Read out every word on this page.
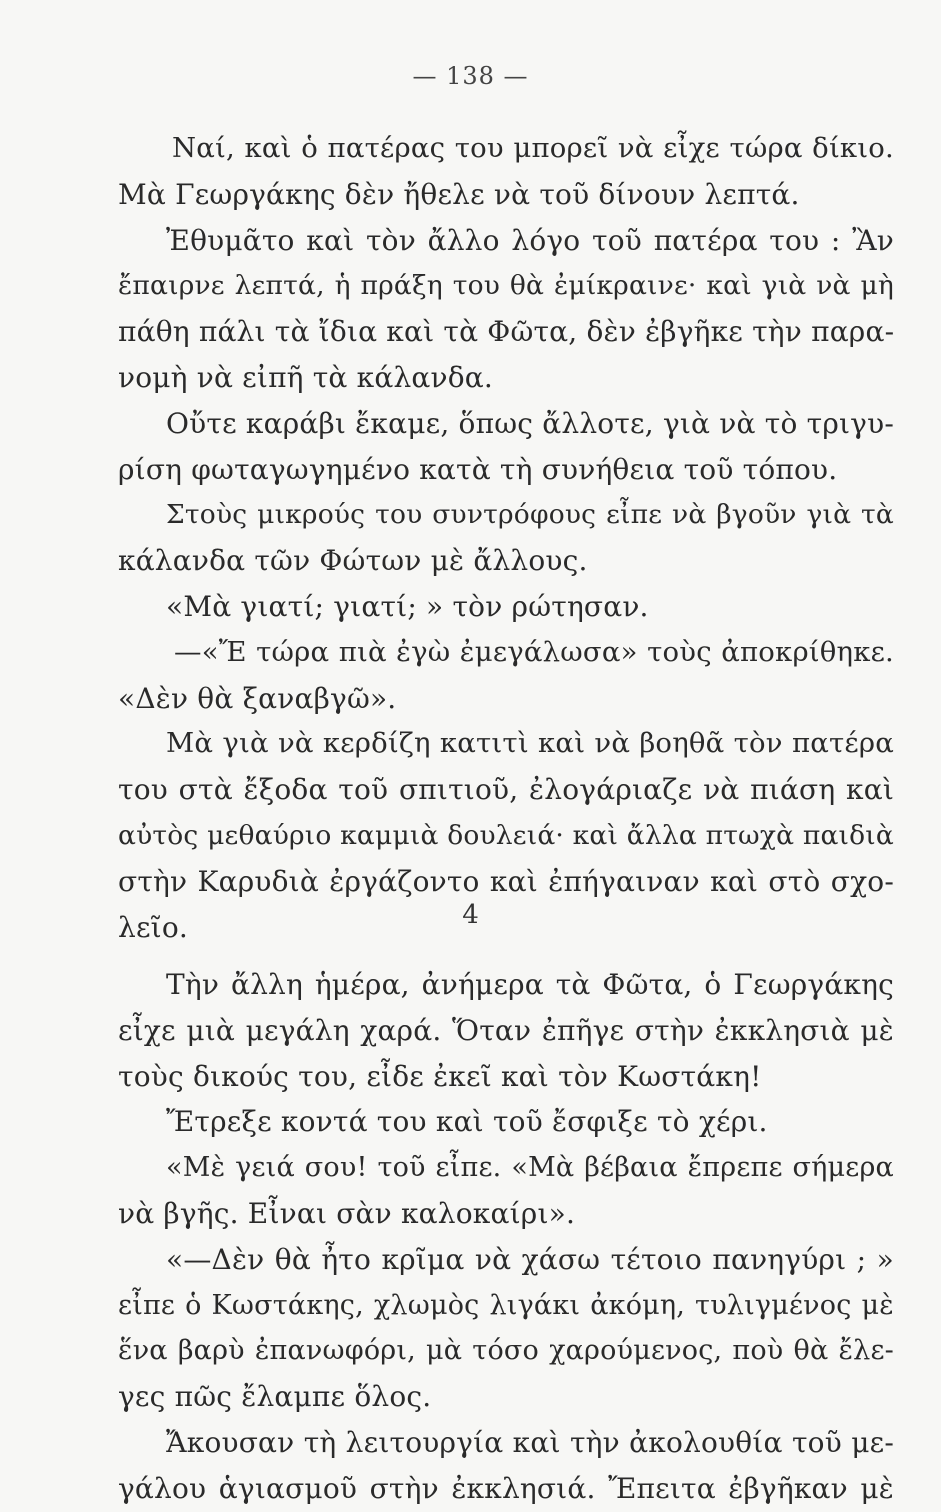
— 138 —
Ναί, καὶ ὁ πατέρας του μπορεῖ νὰ εἶχε τώρα δίκιο.
Μὰ Γεωργάκης δὲν ἤθελε νὰ τοῦ δίνουν λεπτά.
Ἐθυμᾶτο καὶ τὸν ἄλλο λόγο τοῦ πατέρα του : Ἂν
ἔπαιρνε λεπτά, ἡ πράξη του θὰ ἐμίκραινε· καὶ γιὰ νὰ μὴ
πάθη πάλι τὰ ἴδια καὶ τὰ Φῶτα, δὲν ἐβγῆκε τὴν παρα-
νομὴ νὰ εἰπῆ τὰ κάλανδα.
Οὔτε καράβι ἔκαμε, ὅπως ἄλλοτε, γιὰ νὰ τὸ τριγυ-
ρίση φωταγωγημένο κατὰ τὴ συνήθεια τοῦ τόπου.
Στοὺς μικρούς του συντρόφους εἶπε νὰ βγοῦν γιὰ τὰ
κάλανδα τῶν Φώτων μὲ ἄλλους.
«Μὰ γιατί; γιατί; » τὸν ρώτησαν.
—«Ἔ τώρα πιὰ ἐγὼ ἐμεγάλωσα» τοὺς ἀποκρίθηκε.
«Δὲν θὰ ξαναβγῶ».
Μὰ γιὰ νὰ κερδίζη κατιτὶ καὶ νὰ βοηθᾶ τὸν πατέρα
του στὰ ἔξοδα τοῦ σπιτιοῦ, ἐλογάριαζε νὰ πιάση καὶ
αὐτὸς μεθαύριο καμμιὰ δουλειά· καὶ ἄλλα πτωχὰ παιδιὰ
στὴν Καρυδιὰ ἐργάζοντο καὶ ἐπήγαιναν καὶ στὸ σχο-
λεῖο.	4
Τὴν ἄλλη ἡμέρα, ἀνήμερα τὰ Φῶτα, ὁ Γεωργάκης
εἶχε μιὰ μεγάλη χαρά. Ὅταν ἐπῆγε στὴν ἐκκλησιὰ μὲ
τοὺς δικούς του, εἶδε ἐκεῖ καὶ τὸν Κωστάκη!
Ἔτρεξε κοντά του καὶ τοῦ ἔσφιξε τὸ χέρι.
«Μὲ γειά σου! τοῦ εἶπε. «Μὰ βέβαια ἔπρεπε σήμερα
νὰ βγῆς. Εἶναι σὰν καλοκαίρι».
«—Δὲν θὰ ἦτο κρῖμα νὰ χάσω τέτοιο πανηγύρι ; »
εἶπε ὁ Κωστάκης, χλωμὸς λιγάκι ἀκόμη, τυλιγμένος μὲ
ἕνα βαρὺ ἐπανωφόρι, μὰ τόσο χαρούμενος, ποὺ θὰ ἔλε-
γες πῶς ἔλαμπε ὅλος.
Ἄκουσαν τὴ λειτουργία καὶ τὴν ἀκολουθία τοῦ με-
γάλου ἁγιασμοῦ στὴν ἐκκλησιά. Ἔπειτα ἐβγῆκαν μὲ
